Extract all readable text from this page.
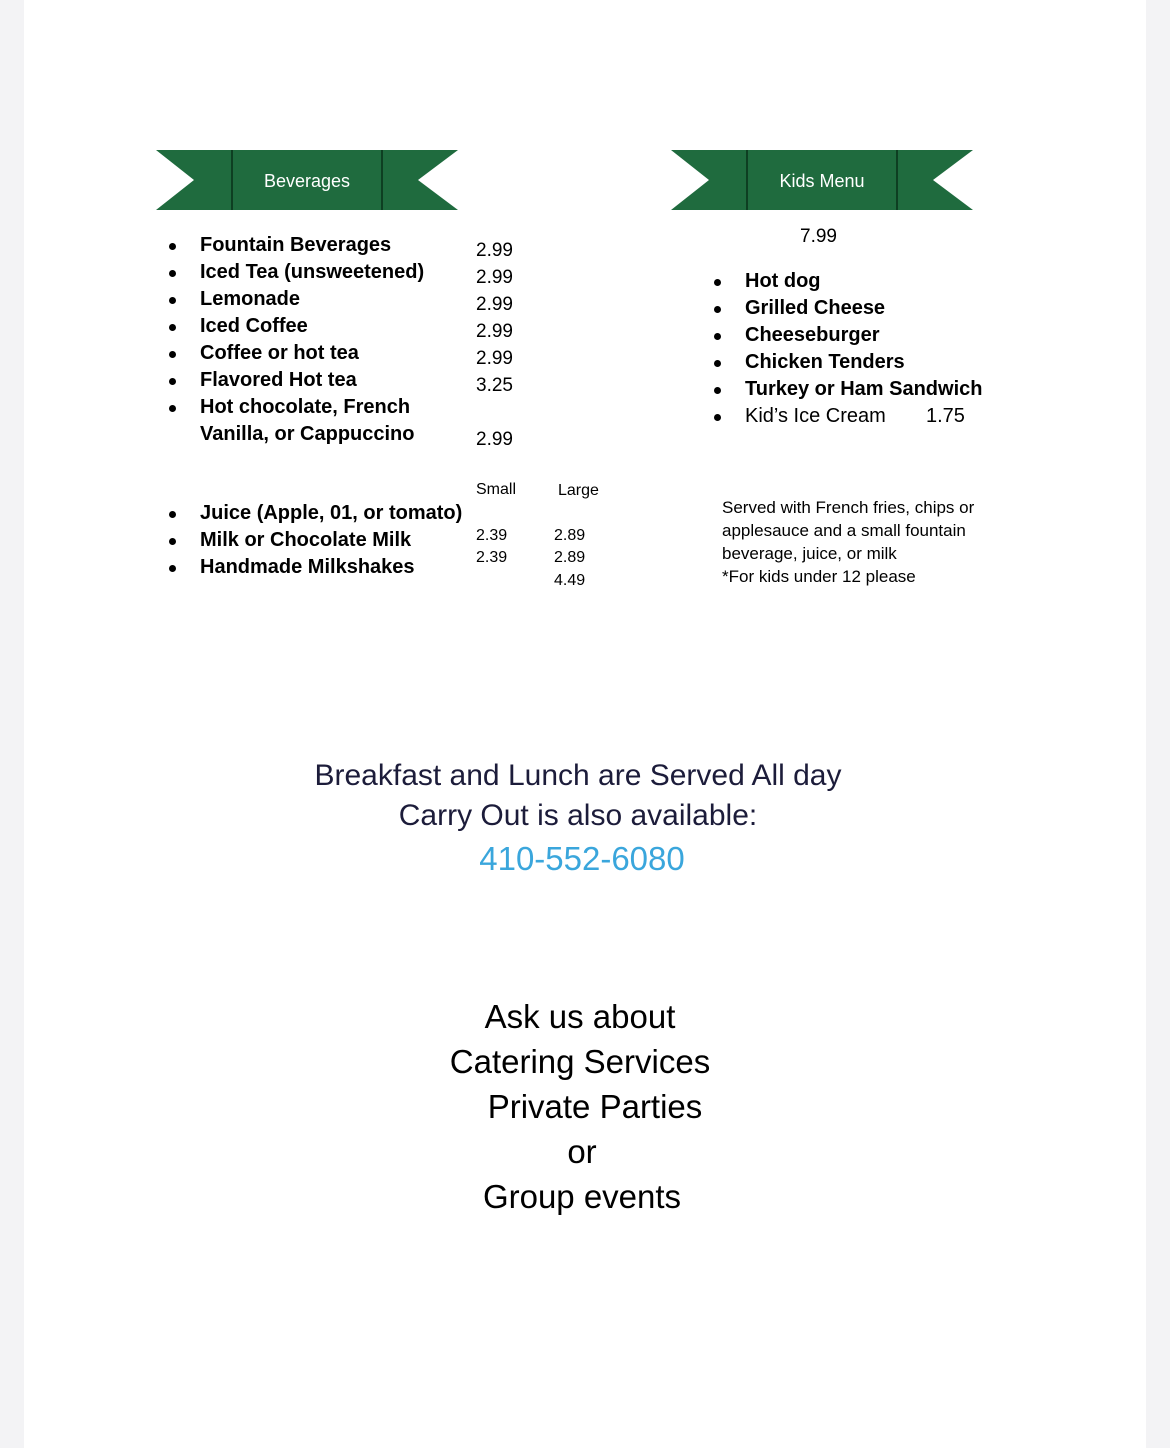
Beverages	Kids Menu
Fountain Beverages
Iced Tea (unsweetened)
Lemonade
Iced Coffee
Coffee or hot tea
Flavored Hot tea
Hot chocolate, French Vanilla, or Cappuccino
2.99
2.99
2.99
2.99
2.99
3.25
2.99
Small	Large
Juice (Apple, 01, or tomato)
Milk or Chocolate Milk
Handmade Milkshakes
2.39
2.39
2.89
2.89
4.49
7.99
Hot dog
Grilled Cheese
Cheeseburger
Chicken Tenders
Turkey or Ham Sandwich
Kid’s Ice Cream 1.75
Served with French fries, chips or
applesauce and a small fountain
beverage, juice, or milk
*For kids under 12 please
Breakfast and Lunch are Served All day
Carry Out is also available:
410-552-6080
Ask us about
Catering Services
Private Parties
or
Group events
